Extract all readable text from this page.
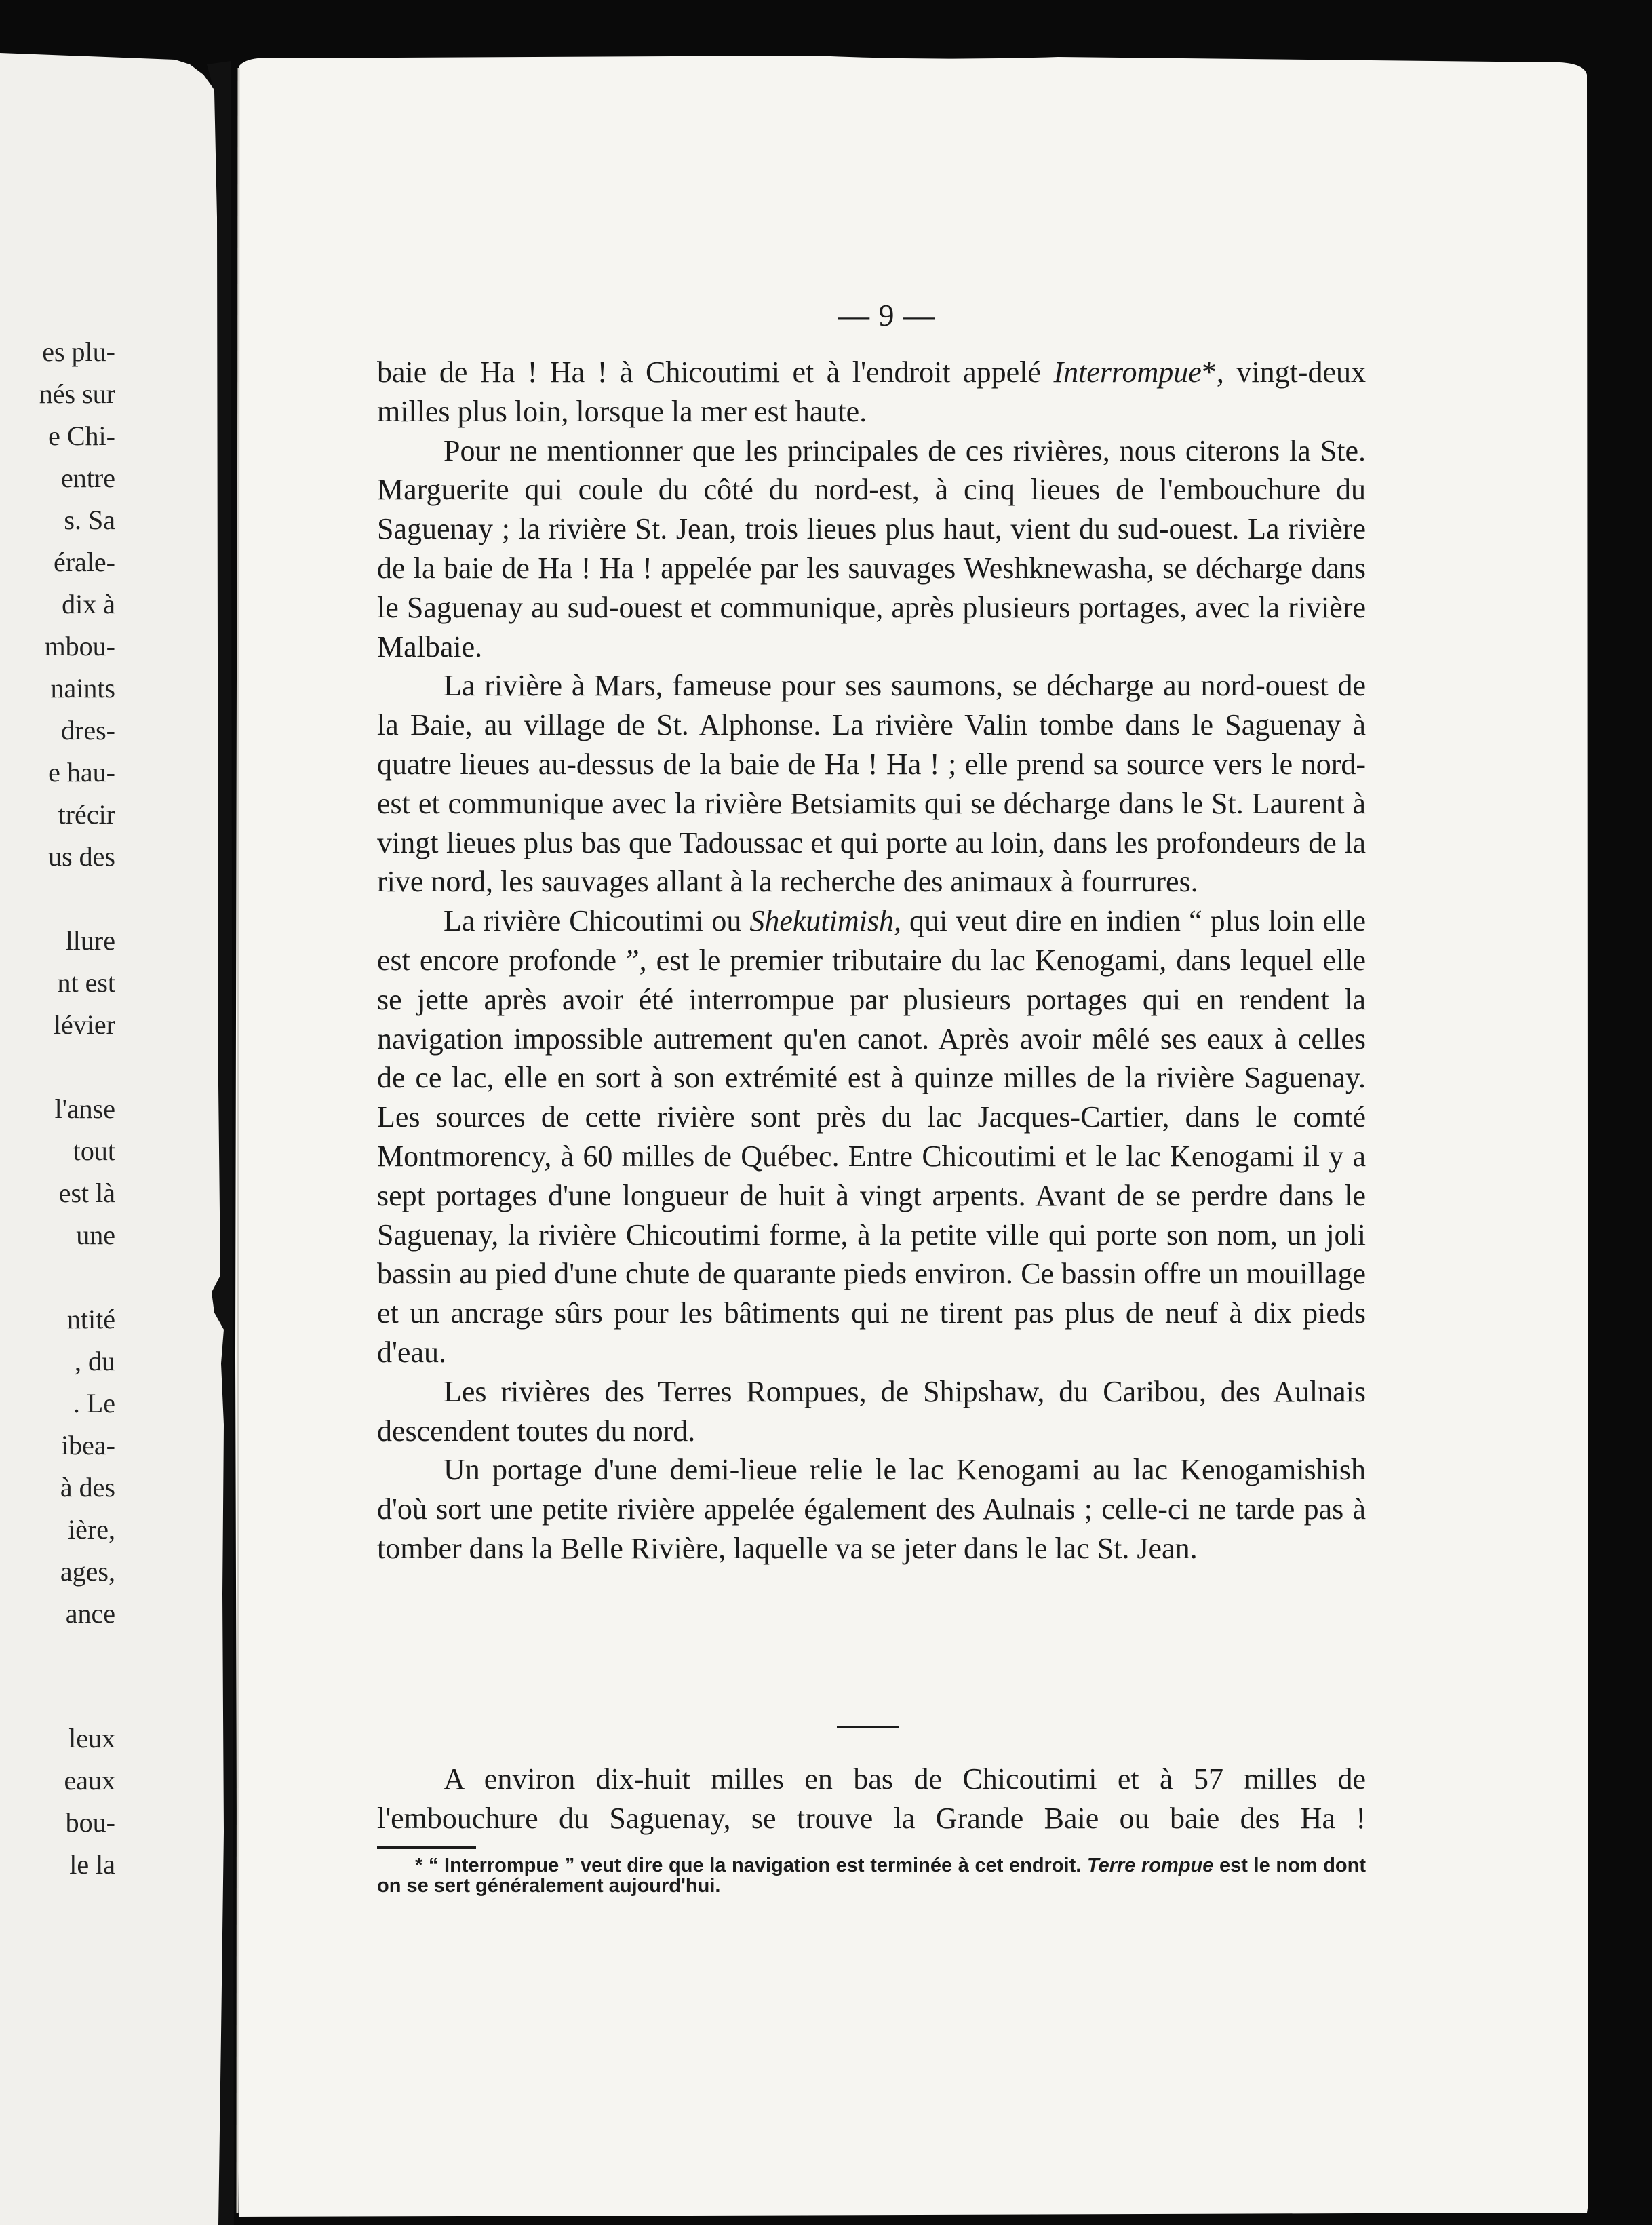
es plu-
nés sur
e Chi-
entre
s. Sa
érale-
dix à
mbou-
naints
dres-
e hau-
trécir
us des
llure
nt est
lévier
l'anse
tout
est là
une
ntité
, du
. Le
ibea-
à des
ière,
ages,
ance
leux
eaux
bou-
le la
— 9 —

baie de Ha ! Ha ! à Chicoutimi et à l'endroit appelé Interrompue*, vingt-deux milles plus loin, lorsque la mer est haute.

Pour ne mentionner que les principales de ces rivières, nous citerons la Ste. Marguerite qui coule du côté du nord-est, à cinq lieues de l'embouchure du Saguenay ; la rivière St. Jean, trois lieues plus haut, vient du sud-ouest. La rivière de la baie de Ha ! Ha ! appelée par les sauvages Weshknewasha, se décharge dans le Saguenay au sud-ouest et communique, après plusieurs portages, avec la rivière Malbaie.

La rivière à Mars, fameuse pour ses saumons, se décharge au nord-ouest de la Baie, au village de St. Alphonse. La rivière Valin tombe dans le Saguenay à quatre lieues au-dessus de la baie de Ha ! Ha ! ; elle prend sa source vers le nord-est et communique avec la rivière Betsiamits qui se décharge dans le St. Laurent à vingt lieues plus bas que Tadoussac et qui porte au loin, dans les profondeurs de la rive nord, les sauvages allant à la recherche des animaux à fourrures.

La rivière Chicoutimi ou Shekutimish, qui veut dire en indien “ plus loin elle est encore profonde ”, est le premier tributaire du lac Kenogami, dans lequel elle se jette après avoir été interrompue par plusieurs portages qui en rendent la navigation impossible autrement qu'en canot. Après avoir mêlé ses eaux à celles de ce lac, elle en sort à son extrémité est à quinze milles de la rivière Saguenay. Les sources de cette rivière sont près du lac Jacques-Cartier, dans le comté Montmorency, à 60 milles de Québec. Entre Chicoutimi et le lac Kenogami il y a sept portages d'une longueur de huit à vingt arpents. Avant de se perdre dans le Saguenay, la rivière Chicoutimi forme, à la petite ville qui porte son nom, un joli bassin au pied d'une chute de quarante pieds environ. Ce bassin offre un mouillage et un ancrage sûrs pour les bâtiments qui ne tirent pas plus de neuf à dix pieds d'eau.

Les rivières des Terres Rompues, de Shipshaw, du Caribou, des Aulnais descendent toutes du nord.

Un portage d'une demi-lieue relie le lac Kenogami au lac Kenogamishish d'où sort une petite rivière appelée également des Aulnais ; celle-ci ne tarde pas à tomber dans la Belle Rivière, laquelle va se jeter dans le lac St. Jean.

A environ dix-huit milles en bas de Chicoutimi et à 57 milles de l'embouchure du Saguenay, se trouve la Grande Baie ou baie des Ha !

* “ Interrompue ” veut dire que la navigation est terminée à cet endroit. Terre rompue est le nom dont on se sert généralement aujourd'hui.
